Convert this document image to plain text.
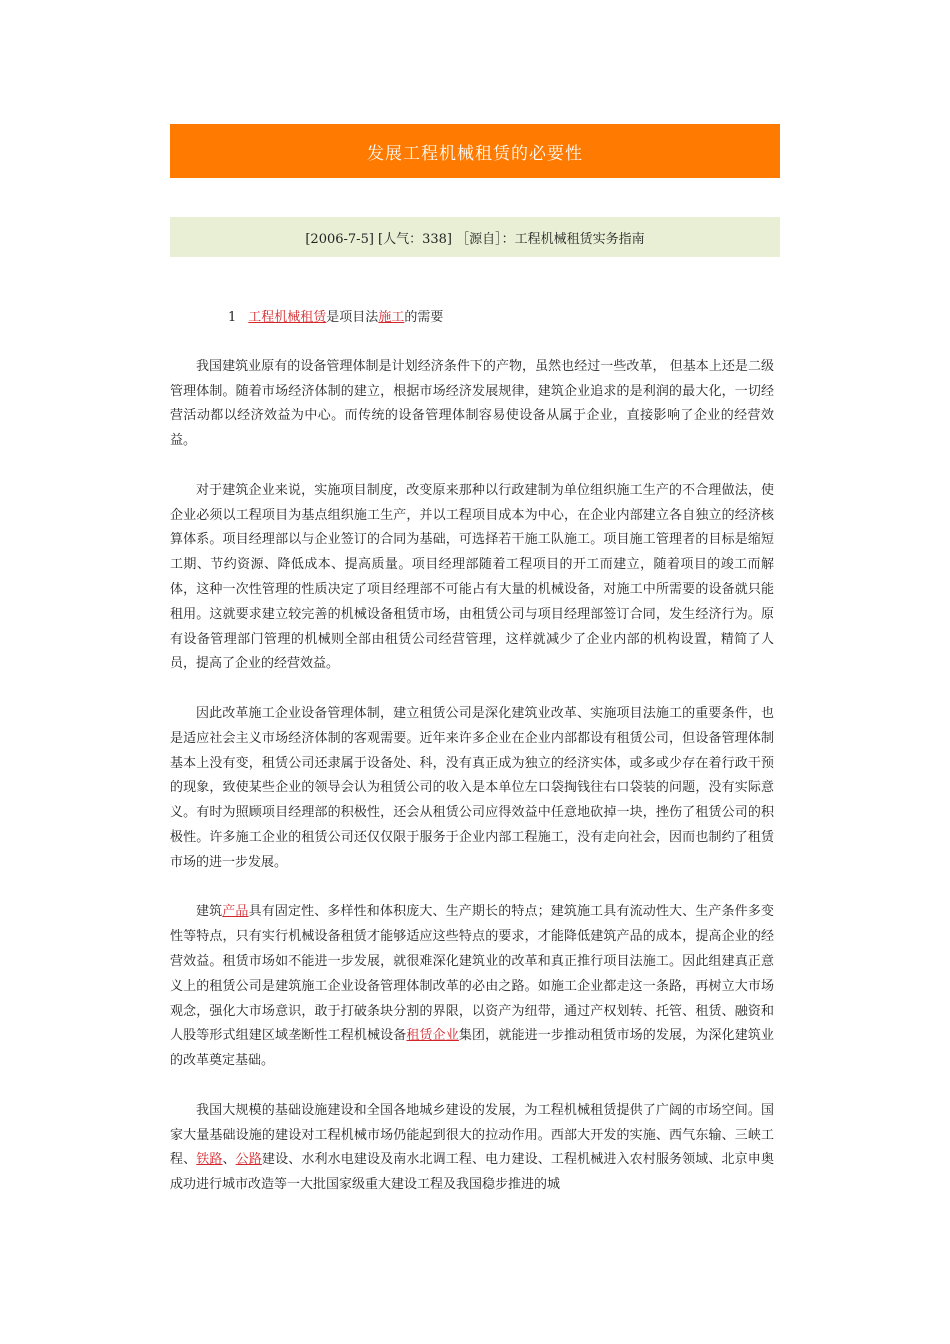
发展工程机械租赁的必要性
[2006-7-5] [人气：338] ［源自］：工程机械租赁实务指南
1 工程机械租赁是项目法施工的需要

我国建筑业原有的设备管理体制是计划经济条件下的产物，虽然也经过一些改革， 但基本上还是二级管理体制。随着市场经济体制的建立，根据市场经济发展规律，建筑企业追求的是利润的最大化，一切经营活动都以经济效益为中心。而传统的设备管理体制容易使设备从属于企业，直接影响了企业的经营效益。

对于建筑企业来说，实施项目制度，改变原来那种以行政建制为单位组织施工生产的不合理做法，使企业必须以工程项目为基点组织施工生产，并以工程项目成本为中心，在企业内部建立各自独立的经济核算体系。项目经理部以与企业签订的合同为基础，可选择若干施工队施工。项目施工管理者的目标是缩短工期、节约资源、降低成本、提高质量。项目经理部随着工程项目的开工而建立，随着项目的竣工而解体，这种一次性管理的性质决定了项目经理部不可能占有大量的机械设备，对施工中所需要的设备就只能租用。这就要求建立较完善的机械设备租赁市场，由租赁公司与项目经理部签订合同，发生经济行为。原有设备管理部门管理的机械则全部由租赁公司经营管理，这样就减少了企业内部的机构设置，精简了人员，提高了企业的经营效益。

因此改革施工企业设备管理体制，建立租赁公司是深化建筑业改革、实施项目法施工的重要条件，也是适应社会主义市场经济体制的客观需要。近年来许多企业在企业内部都设有租赁公司，但设备管理体制基本上没有变，租赁公司还隶属于设备处、科，没有真正成为独立的经济实体，或多或少存在着行政干预的现象，致使某些企业的领导会认为租赁公司的收入是本单位左口袋掏钱往右口袋装的问题，没有实际意义。有时为照顾项目经理部的积极性，还会从租赁公司应得效益中任意地砍掉一块，挫伤了租赁公司的积极性。许多施工企业的租赁公司还仅仅限于服务于企业内部工程施工，没有走向社会，因而也制约了租赁市场的进一步发展。

建筑产品具有固定性、多样性和体积庞大、生产期长的特点；建筑施工具有流动性大、生产条件多变性等特点，只有实行机械设备租赁才能够适应这些特点的要求，才能降低建筑产品的成本，提高企业的经营效益。租赁市场如不能进一步发展，就很难深化建筑业的改革和真正推行项目法施工。因此组建真正意义上的租赁公司是建筑施工企业设备管理体制改革的必由之路。如施工企业都走这一条路，再树立大市场观念，强化大市场意识，敢于打破条块分割的界限，以资产为纽带，通过产权划转、托管、租赁、融资和人股等形式组建区域垄断性工程机械设备租赁企业集团，就能进一步推动租赁市场的发展，为深化建筑业的改革奠定基础。

我国大规模的基础设施建设和全国各地城乡建设的发展，为工程机械租赁提供了广阔的市场空间。国家大量基础设施的建设对工程机械市场仍能起到很大的拉动作用。西部大开发的实施、西气东输、三峡工程、铁路、公路建设、水利水电建设及南水北调工程、电力建设、工程机械进入农村服务领域、北京申奥成功进行城市改造等一大批国家级重大建设工程及我国稳步推进的城
